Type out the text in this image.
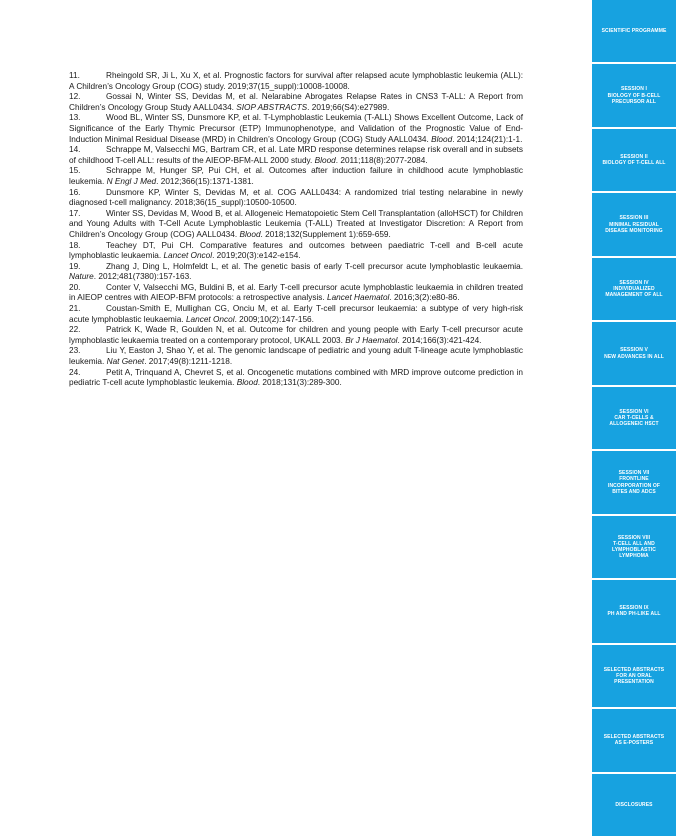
11.	Rheingold SR, Ji L, Xu X, et al. Prognostic factors for survival after relapsed acute lymphoblastic leukemia (ALL): A Children’s Oncology Group (COG) study. 2019;37(15_suppl):10008-10008.

12.	Gossai N, Winter SS, Devidas M, et al. Nelarabine Abrogates Relapse Rates in CNS3 T-ALL: A Report from Children’s Oncology Group Study AALL0434. SIOP ABSTRACTS. 2019;66(S4):e27989.

13.	Wood BL, Winter SS, Dunsmore KP, et al. T-Lymphoblastic Leukemia (T-ALL) Shows Excellent Outcome, Lack of Significance of the Early Thymic Precursor (ETP) Immunophenotype, and Validation of the Prognostic Value of End-Induction Minimal Residual Disease (MRD) in Children’s Oncology Group (COG) Study AALL0434. Blood. 2014;124(21):1-1.

14.	Schrappe M, Valsecchi MG, Bartram CR, et al. Late MRD response determines relapse risk overall and in subsets of childhood T-cell ALL: results of the AIEOP-BFM-ALL 2000 study. Blood. 2011;118(8):2077-2084.

15.	Schrappe M, Hunger SP, Pui CH, et al. Outcomes after induction failure in childhood acute lymphoblastic leukemia. N Engl J Med. 2012;366(15):1371-1381.

16.	Dunsmore KP, Winter S, Devidas M, et al. COG AALL0434: A randomized trial testing nelarabine in newly diagnosed t-cell malignancy. 2018;36(15_suppl):10500-10500.

17.	Winter SS, Devidas M, Wood B, et al. Allogeneic Hematopoietic Stem Cell Transplantation (alloHSCT) for Children and Young Adults with T-Cell Acute Lymphoblastic Leukemia (T-ALL) Treated at Investigator Discretion: A Report from Children’s Oncology Group (COG) AALL0434. Blood. 2018;132(Supplement 1):659-659.

18.	Teachey DT, Pui CH. Comparative features and outcomes between paediatric T-cell and B-cell acute lymphoblastic leukaemia. Lancet Oncol. 2019;20(3):e142-e154.

19.	Zhang J, Ding L, Holmfeldt L, et al. The genetic basis of early T-cell precursor acute lymphoblastic leukaemia. Nature. 2012;481(7380):157-163.

20.	Conter V, Valsecchi MG, Buldini B, et al. Early T-cell precursor acute lymphoblastic leukaemia in children treated in AIEOP centres with AIEOP-BFM protocols: a retrospective analysis. Lancet Haematol. 2016;3(2):e80-86.

21.	Coustan-Smith E, Mullighan CG, Onciu M, et al. Early T-cell precursor leukaemia: a subtype of very high-risk acute lymphoblastic leukaemia. Lancet Oncol. 2009;10(2):147-156.

22.	Patrick K, Wade R, Goulden N, et al. Outcome for children and young people with Early T-cell precursor acute lymphoblastic leukaemia treated on a contemporary protocol, UKALL 2003. Br J Haematol. 2014;166(3):421-424.

23.	Liu Y, Easton J, Shao Y, et al. The genomic landscape of pediatric and young adult T-lineage acute lymphoblastic leukemia. Nat Genet. 2017;49(8):1211-1218.

24.	Petit A, Trinquand A, Chevret S, et al. Oncogenetic mutations combined with MRD improve outcome prediction in pediatric T-cell acute lymphoblastic leukemia. Blood. 2018;131(3):289-300.

SCIENTIFIC PROGRAMME
SESSION I
BIOLOGY OF B-CELL
PRECURSOR ALL
SESSION II
BIOLOGY OF T-CELL ALL
SESSION III
MINIMAL RESIDUAL
DISEASE MONITORING
SESSION IV
INDIVIDUALIZED
MANAGEMENT OF ALL
SESSION V
NEW ADVANCES IN ALL
SESSION VI
CAR T-CELLS &
ALLOGENEIC HSCT
SESSION VII
FRONTLINE
INCORPORATION OF
BITES AND ADCS
SESSION VIII
T-CELL ALL AND
LYMPHOBLASTIC
LYMPHOMA
SESSION IX
PH AND PH-LIKE ALL
SELECTED ABSTRACTS
FOR AN ORAL
PRESENTATION
SELECTED ABSTRACTS
AS E-POSTERS
DISCLOSURES
